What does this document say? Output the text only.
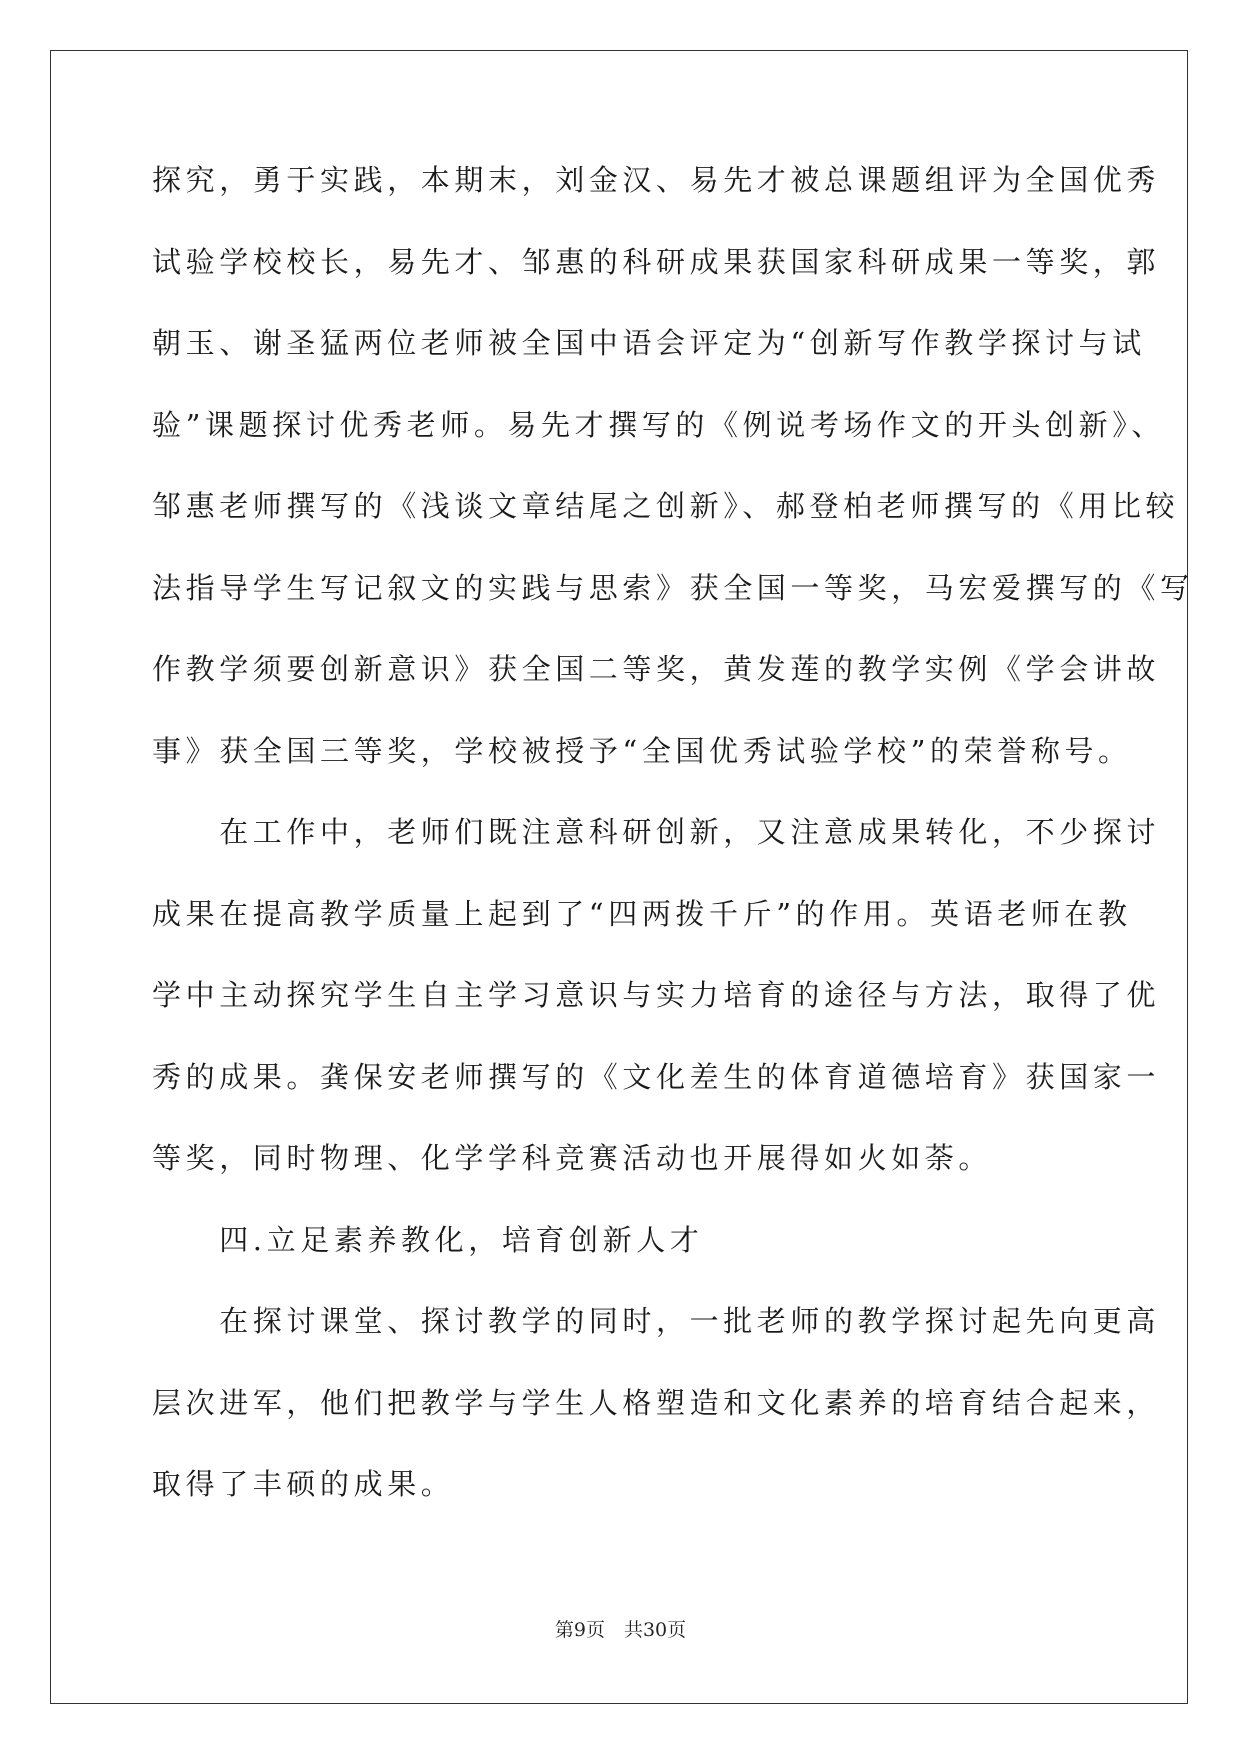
探究，勇于实践，本期末，刘金汉、易先才被总课题组评为全国优秀
试验学校校长，易先才、邹惠的科研成果获国家科研成果一等奖，郭
朝玉、谢圣猛两位老师被全国中语会评定为“创新写作教学探讨与试
验”课题探讨优秀老师。易先才撰写的《例说考场作文的开头创新》、
邹惠老师撰写的《浅谈文章结尾之创新》、郝登柏老师撰写的《用比较
法指导学生写记叙文的实践与思索》获全国一等奖，马宏爱撰写的《写
作教学须要创新意识》获全国二等奖，黄发莲的教学实例《学会讲故
事》获全国三等奖，学校被授予“全国优秀试验学校”的荣誉称号。
　　在工作中，老师们既注意科研创新，又注意成果转化，不少探讨
成果在提高教学质量上起到了“四两拨千斤”的作用。英语老师在教
学中主动探究学生自主学习意识与实力培育的途径与方法，取得了优
秀的成果。龚保安老师撰写的《文化差生的体育道德培育》获国家一
等奖，同时物理、化学学科竞赛活动也开展得如火如荼。
　　四.立足素养教化，培育创新人才
　　在探讨课堂、探讨教学的同时，一批老师的教学探讨起先向更高
层次进军，他们把教学与学生人格塑造和文化素养的培育结合起来，
取得了丰硕的成果。
第9页　共30页
